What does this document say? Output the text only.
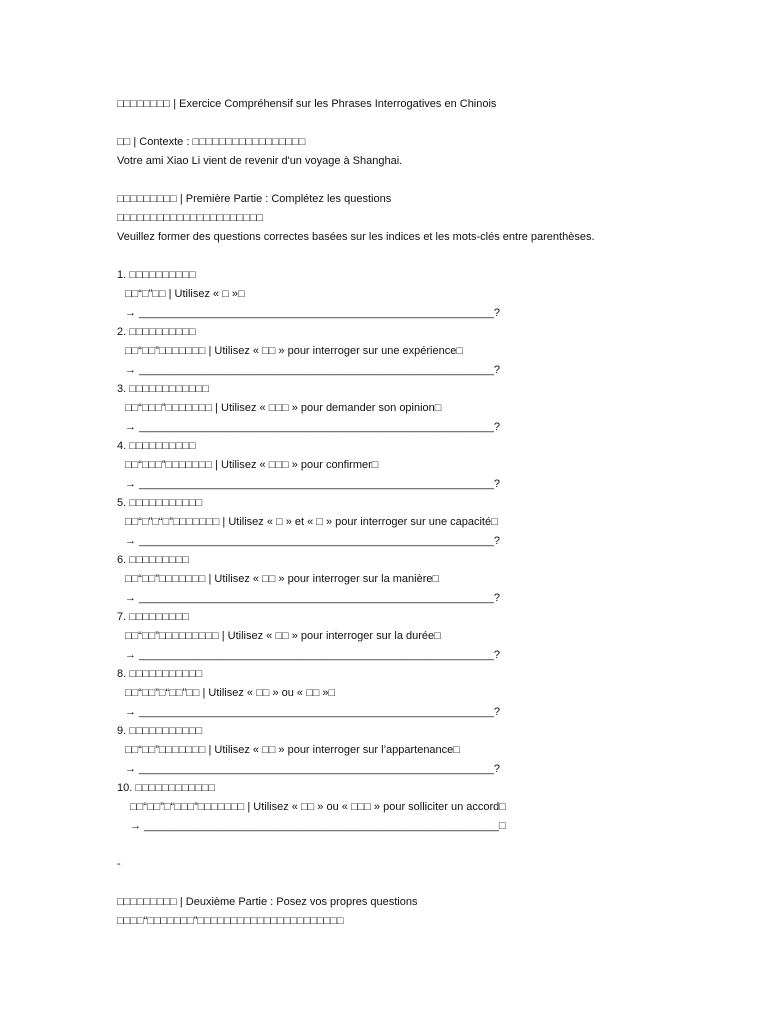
□□□□□□□□ | Exercice Compréhensif sur les Phrases Interrogatives en Chinois
□□ | Contexte : □□□□□□□□□□□□□□□□□
Votre ami Xiao Li vient de revenir d'un voyage à Shanghai.
□□□□□□□□□ | Première Partie : Complétez les questions
□□□□□□□□□□□□□□□□□□□□□□
Veuillez former des questions correctes basées sur les indices et les mots-clés entre parenthèses.
1. □□□□□□□□□□
□□“□”□□ | Utilisez « □ »□
→ __________________________________________________________?
2. □□□□□□□□□□
□□“□□”□□□□□□□ | Utilisez « □□ » pour interroger sur une expérience□
→ __________________________________________________________?
3. □□□□□□□□□□□□
□□“□□□”□□□□□□□ | Utilisez « □□□ » pour demander son opinion□
→ __________________________________________________________?
4. □□□□□□□□□□
□□“□□□”□□□□□□□ | Utilisez « □□□ » pour confirmer□
→ __________________________________________________________?
5. □□□□□□□□□□□
□□“□”□“□”□□□□□□□ | Utilisez « □ » et « □ » pour interroger sur une capacité□
→ __________________________________________________________?
6. □□□□□□□□□
□□“□□”□□□□□□□ | Utilisez « □□ » pour interroger sur la manière□
→ __________________________________________________________?
7. □□□□□□□□□
□□“□□”□□□□□□□□□ | Utilisez « □□ » pour interroger sur la durée□
→ __________________________________________________________?
8. □□□□□□□□□□□
□□“□□”□“□□”□□ | Utilisez « □□ » ou « □□ »□
→ __________________________________________________________?
9. □□□□□□□□□□□
□□“□□”□□□□□□□ | Utilisez « □□ » pour interroger sur l’appartenance□
→ __________________________________________________________?
10. □□□□□□□□□□□□
□□“□□”□“□□□”□□□□□□□ | Utilisez « □□ » ou « □□□ » pour solliciter un accord□
→ __________________________________________________________□
-
□□□□□□□□□ | Deuxième Partie : Posez vos propres questions
□□□□“□□□□□□□”□□□□□□□□□□□□□□□□□□□□□□
